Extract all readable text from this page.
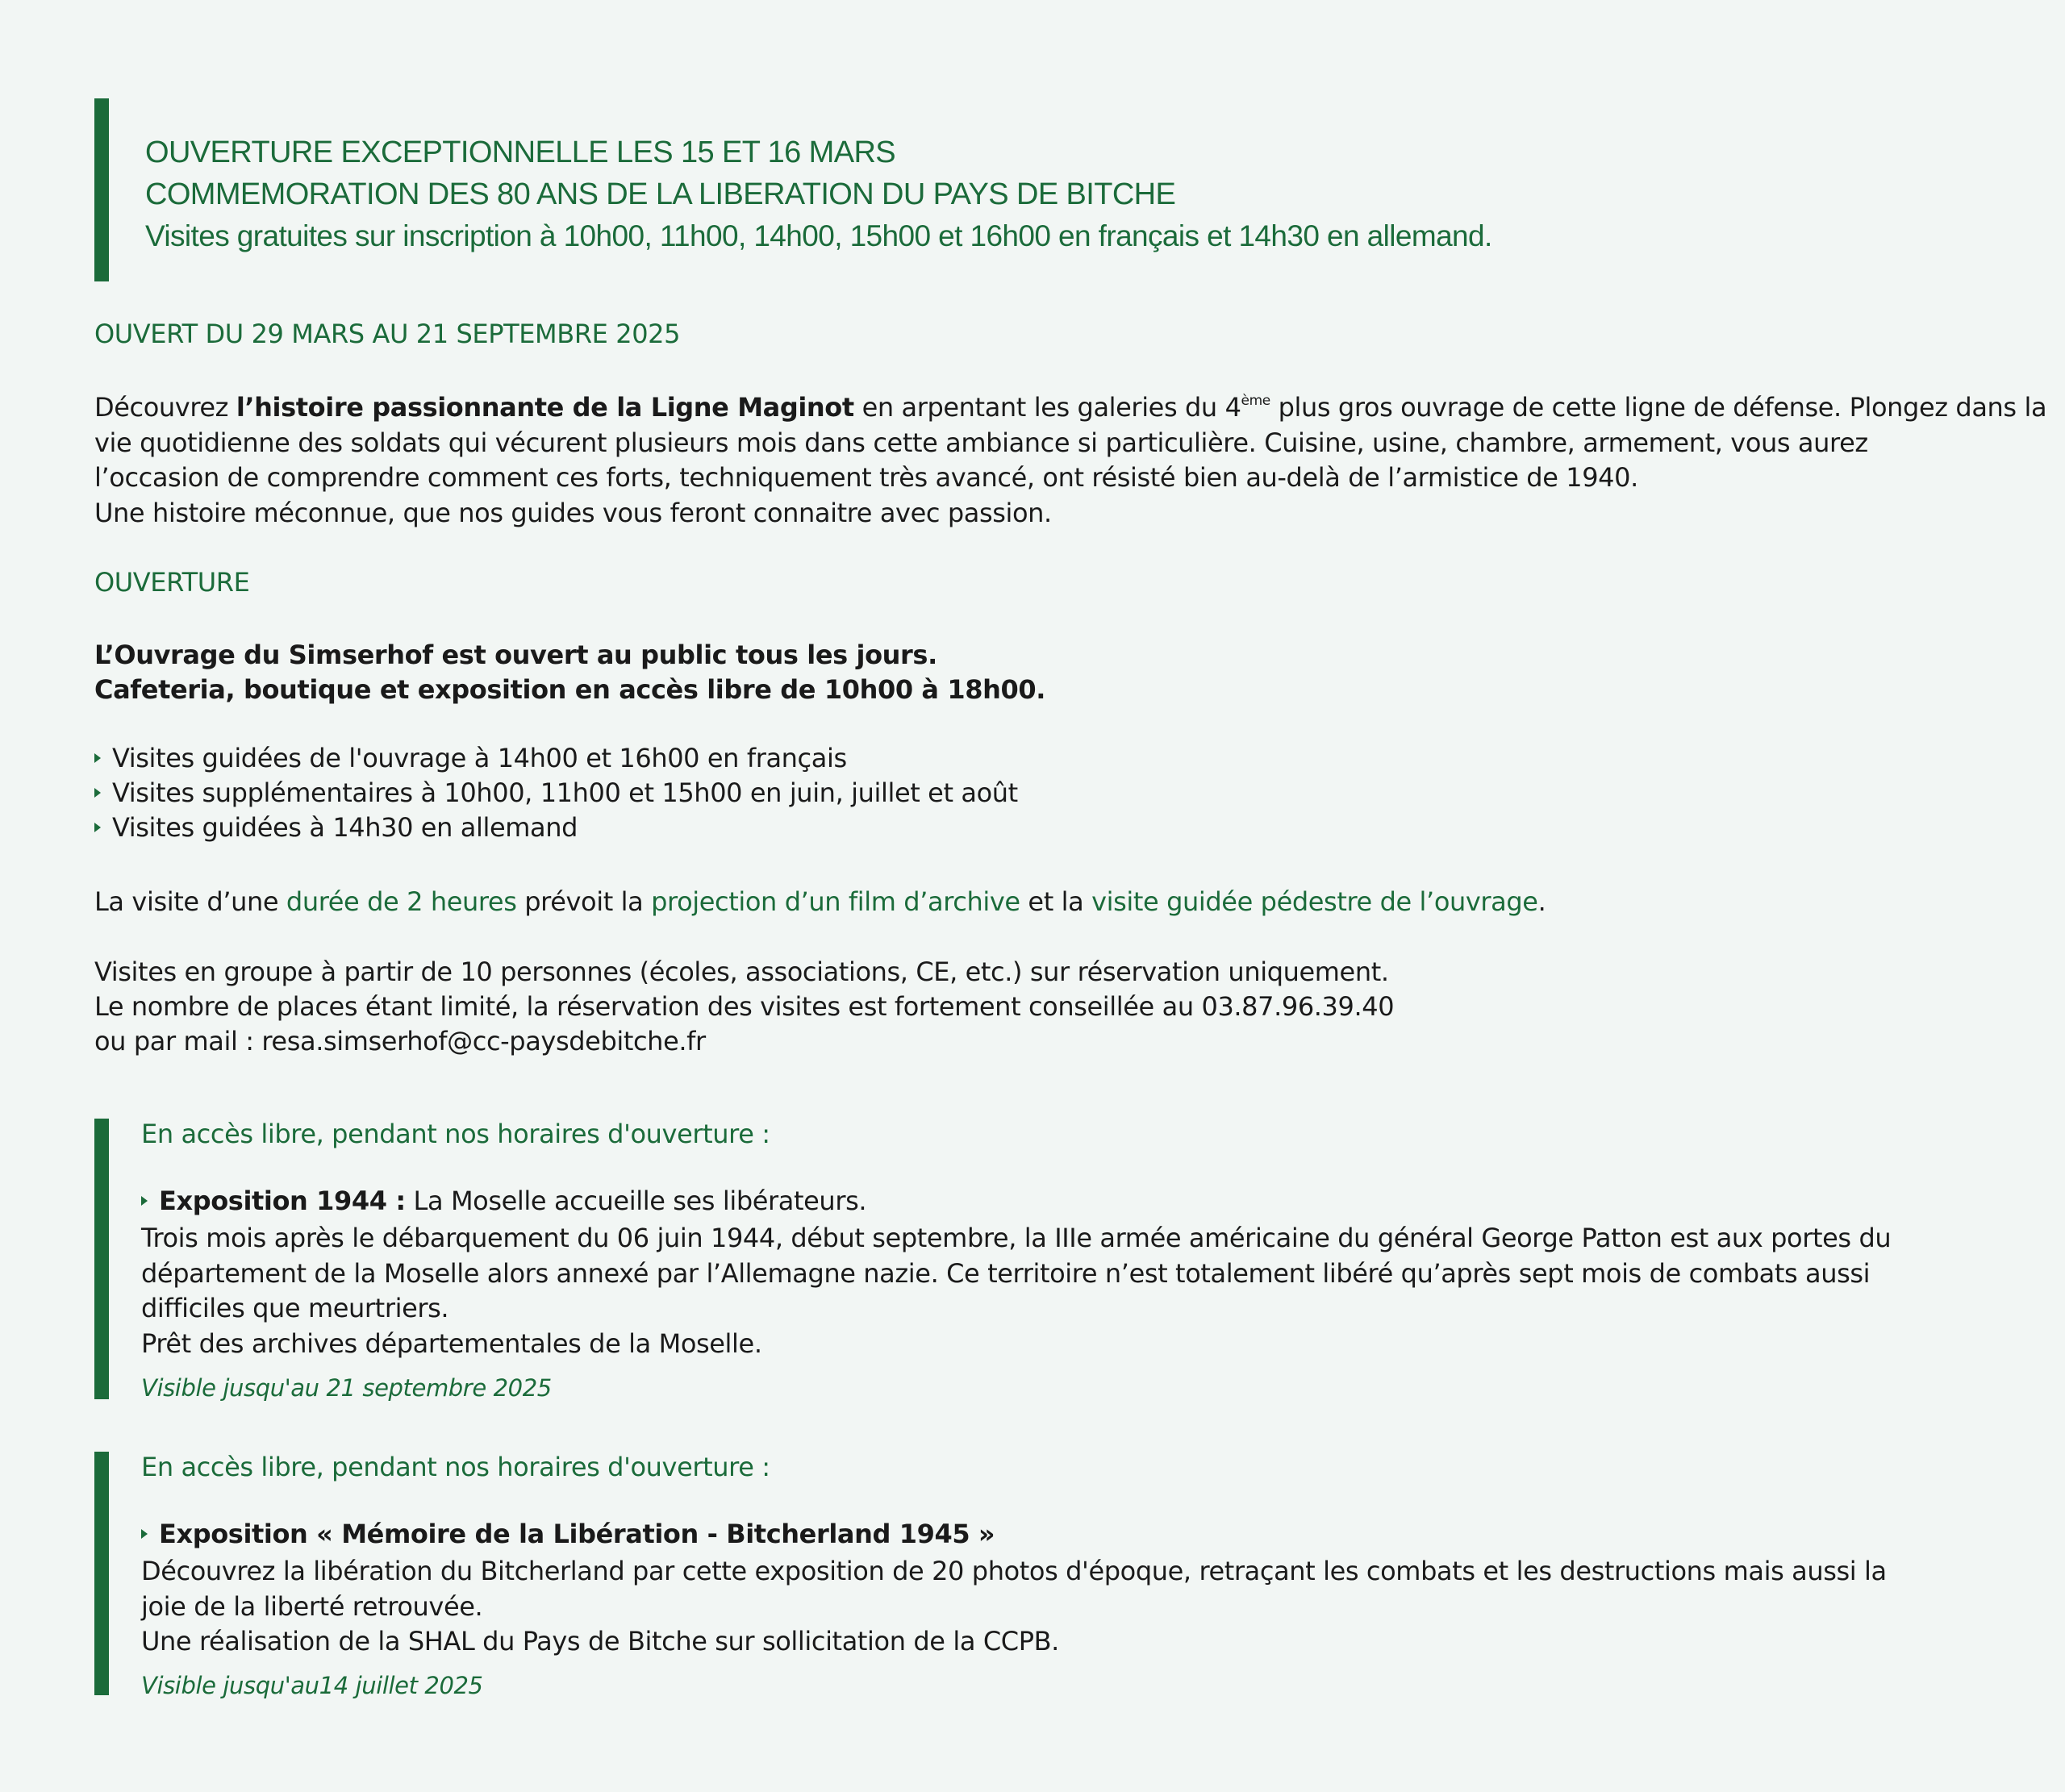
OUVERTURE EXCEPTIONNELLE LES 15 ET 16 MARS
COMMEMORATION DES 80 ANS DE LA LIBERATION DU PAYS DE BITCHE
Visites gratuites sur inscription à 10h00, 11h00, 14h00, 15h00 et 16h00 en français et 14h30 en allemand.
OUVERT DU 29 MARS AU 21 SEPTEMBRE 2025
Découvrez l’histoire passionnante de la Ligne Maginot en arpentant les galeries du 4ème plus gros ouvrage de cette ligne de défense. Plongez dans la
vie quotidienne des soldats qui vécurent plusieurs mois dans cette ambiance si particulière. Cuisine, usine, chambre, armement, vous aurez
l’occasion de comprendre comment ces forts, techniquement très avancé, ont résisté bien au-delà de l’armistice de 1940.
Une histoire méconnue, que nos guides vous feront connaitre avec passion.
OUVERTURE
L’Ouvrage du Simserhof est ouvert au public tous les jours.
Cafeteria, boutique et exposition en accès libre de 10h00 à 18h00.
Visites guidées de l'ouvrage à 14h00 et 16h00 en français
Visites supplémentaires à 10h00, 11h00 et 15h00 en juin, juillet et août
Visites guidées à 14h30 en allemand
La visite d’une durée de 2 heures prévoit la projection d’un film d’archive et la visite guidée pédestre de l’ouvrage.
Visites en groupe à partir de 10 personnes (écoles, associations, CE, etc.) sur réservation uniquement.
Le nombre de places étant limité, la réservation des visites est fortement conseillée au 03.87.96.39.40
ou par mail : resa.simserhof@cc-paysdebitche.fr
En accès libre, pendant nos horaires d'ouverture :
Exposition 1944 : La Moselle accueille ses libérateurs.
Trois mois après le débarquement du 06 juin 1944, début septembre, la IIIe armée américaine du général George Patton est aux portes du
département de la Moselle alors annexé par l’Allemagne nazie. Ce territoire n’est totalement libéré qu’après sept mois de combats aussi
difficiles que meurtriers.
Prêt des archives départementales de la Moselle.
Visible jusqu'au 21 septembre 2025
En accès libre, pendant nos horaires d'ouverture :
Exposition « Mémoire de la Libération - Bitcherland 1945 »
Découvrez la libération du Bitcherland par cette exposition de 20 photos d'époque, retraçant les combats et les destructions mais aussi la
joie de la liberté retrouvée.
Une réalisation de la SHAL du Pays de Bitche sur sollicitation de la CCPB.
Visible jusqu'au14 juillet 2025
